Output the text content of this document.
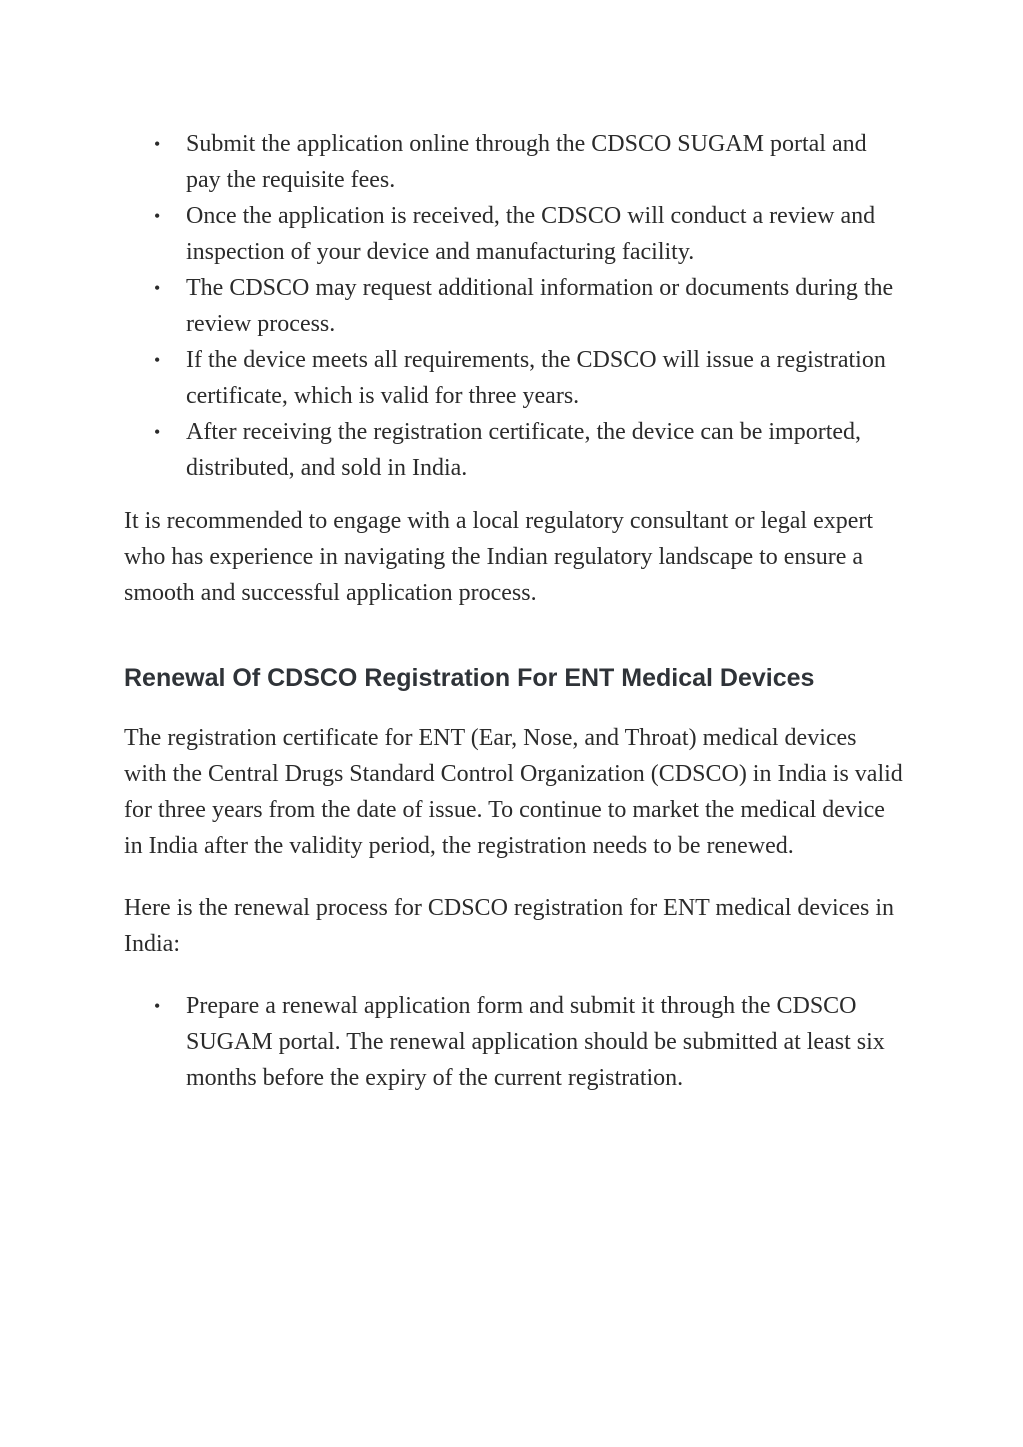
• Submit the application online through the CDSCO SUGAM portal and pay the requisite fees.
• Once the application is received, the CDSCO will conduct a review and inspection of your device and manufacturing facility.
• The CDSCO may request additional information or documents during the review process.
• If the device meets all requirements, the CDSCO will issue a registration certificate, which is valid for three years.
• After receiving the registration certificate, the device can be imported, distributed, and sold in India.

It is recommended to engage with a local regulatory consultant or legal expert who has experience in navigating the Indian regulatory landscape to ensure a smooth and successful application process.

Renewal Of CDSCO Registration For ENT Medical Devices

The registration certificate for ENT (Ear, Nose, and Throat) medical devices with the Central Drugs Standard Control Organization (CDSCO) in India is valid for three years from the date of issue. To continue to market the medical device in India after the validity period, the registration needs to be renewed.

Here is the renewal process for CDSCO registration for ENT medical devices in India:

• Prepare a renewal application form and submit it through the CDSCO SUGAM portal. The renewal application should be submitted at least six months before the expiry of the current registration.
